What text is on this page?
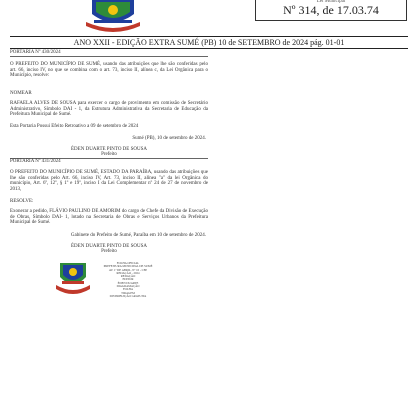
Lei Municipal
Nº 314, de 17.03.74
ANO XXII - EDIÇÃO EXTRA SUMÉ (PB) 10 de SETEMBRO de 2024 pág. 01-01
PORTARIA Nº 430/2024
O PREFEITO DO MUNICÍPIO DE SUMÉ, usando das atribuições que lhe são conferidas pelo art. 66, inciso IV, no que se combina com o art. 73, inciso II, alínea c, da Lei Orgânica para o Município, resolve:
NOMEAR
RAFAELA ALVES DE SOUSA para exercer o cargo de provimento em comissão de Secretário Administrativo, Símbolo DAI - 1, da Estrutura Administrativa da Secretaria de Educação da Prefeitura Municipal de Sumé.
Esta Portaria Possui Efeito Retroativo a 09 de setembro de 2024
Sumé (PB), 10 de setembro de 2024.
ÉDEN DUARTE PINTO DE SOUSA
Prefeito
PORTARIA Nº 431/2024
O PREFEITO DO MUNICÍPIO DE SUMÉ, ESTADO DA PARAÍBA, usando das atribuições que lhe são conferidas pelo Art. 66, inciso IV, Art. 73, inciso II, alínea "a" da lei Orgânica do município, Art. 6º, 12º, § 1º e 19º, inciso I da Lei Complementar nº 24 de 27 de novembro de 2013,
RESOLVE:
Exonerar a pedido, FLÁVIO PAULINO DE AMORIM do cargo de Chefe da Divisão de Execução de Obras, Símbolo DAI- 1, lotado na Secretaria de Obras e Serviços Urbanos da Prefeitura Municipal de Sumé.
Gabinete do Prefeito de Sumé, Paraíba em 10 de setembro de 2024.
ÉDEN DUARTE PINTO DE SOUSA
Prefeito
FOLHA OFICIAL
PREFEITURA MUNICIPAL DE SUMÉ
AV. 1º DE ABRIL, Nº 10 - CEP
REDAÇÃO - 2024
REDAÇÃO
EDITOR
ÉDEN DUARTE
DIAGRAMAÇÃO
FOLHA
TIRAGEM
DISTRIBUIÇÃO GRATUITA
